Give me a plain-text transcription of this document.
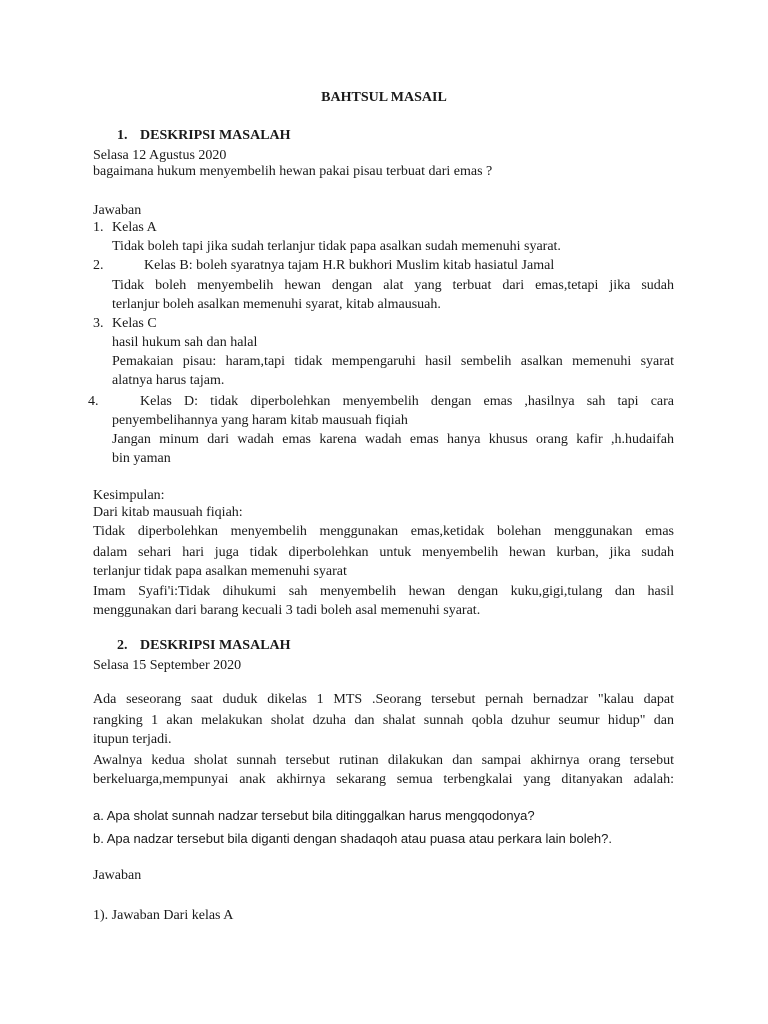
BAHTSUL MASAIL
1. DESKRIPSI MASALAH
Selasa 12 Agustus 2020
bagaimana hukum menyembelih hewan pakai pisau terbuat dari emas ?
Jawaban
1. Kelas A
Tidak boleh tapi jika sudah terlanjur tidak papa asalkan sudah memenuhi syarat.
2.	Kelas B: boleh syaratnya tajam H.R bukhori Muslim kitab hasiatul Jamal
Tidak boleh menyembelih hewan dengan alat yang terbuat dari emas,tetapi jika sudah
terlanjur boleh asalkan memenuhi syarat, kitab almausuah.
3. Kelas C
hasil hukum sah dan halal
Pemakaian pisau: haram,tapi tidak mempengaruhi hasil sembelih asalkan memenuhi syarat
alatnya harus tajam.
4.	Kelas D: tidak diperbolehkan menyembelih dengan emas ,hasilnya sah tapi cara
penyembelihannya yang haram kitab mausuah fiqiah
Jangan minum dari wadah emas karena wadah emas hanya khusus orang kafir ,h.hudaifah
bin yaman
Kesimpulan:
Dari kitab mausuah fiqiah:
Tidak diperbolehkan menyembelih menggunakan emas,ketidak bolehan menggunakan emas
dalam sehari hari juga tidak diperbolehkan untuk menyembelih hewan kurban, jika sudah
terlanjur tidak papa asalkan memenuhi syarat
Imam Syafi'i:Tidak dihukumi sah menyembelih hewan dengan kuku,gigi,tulang dan hasil
menggunakan dari barang kecuali 3 tadi boleh asal memenuhi syarat.
2. DESKRIPSI MASALAH
Selasa 15 September 2020
Ada seseorang saat duduk dikelas 1 MTS .Seorang tersebut pernah bernadzar "kalau dapat
rangking 1 akan melakukan sholat dzuha dan shalat sunnah qobla dzuhur seumur hidup" dan
itupun terjadi.
Awalnya kedua sholat sunnah tersebut rutinan dilakukan dan sampai akhirnya orang tersebut
berkeluarga,mempunyai anak akhirnya sekarang semua terbengkalai yang ditanyakan adalah:
a. Apa sholat sunnah nadzar tersebut bila ditinggalkan harus mengqodonya?
b. Apa nadzar tersebut bila diganti dengan shadaqoh atau puasa atau perkara lain boleh?.
Jawaban
1). Jawaban Dari kelas A
